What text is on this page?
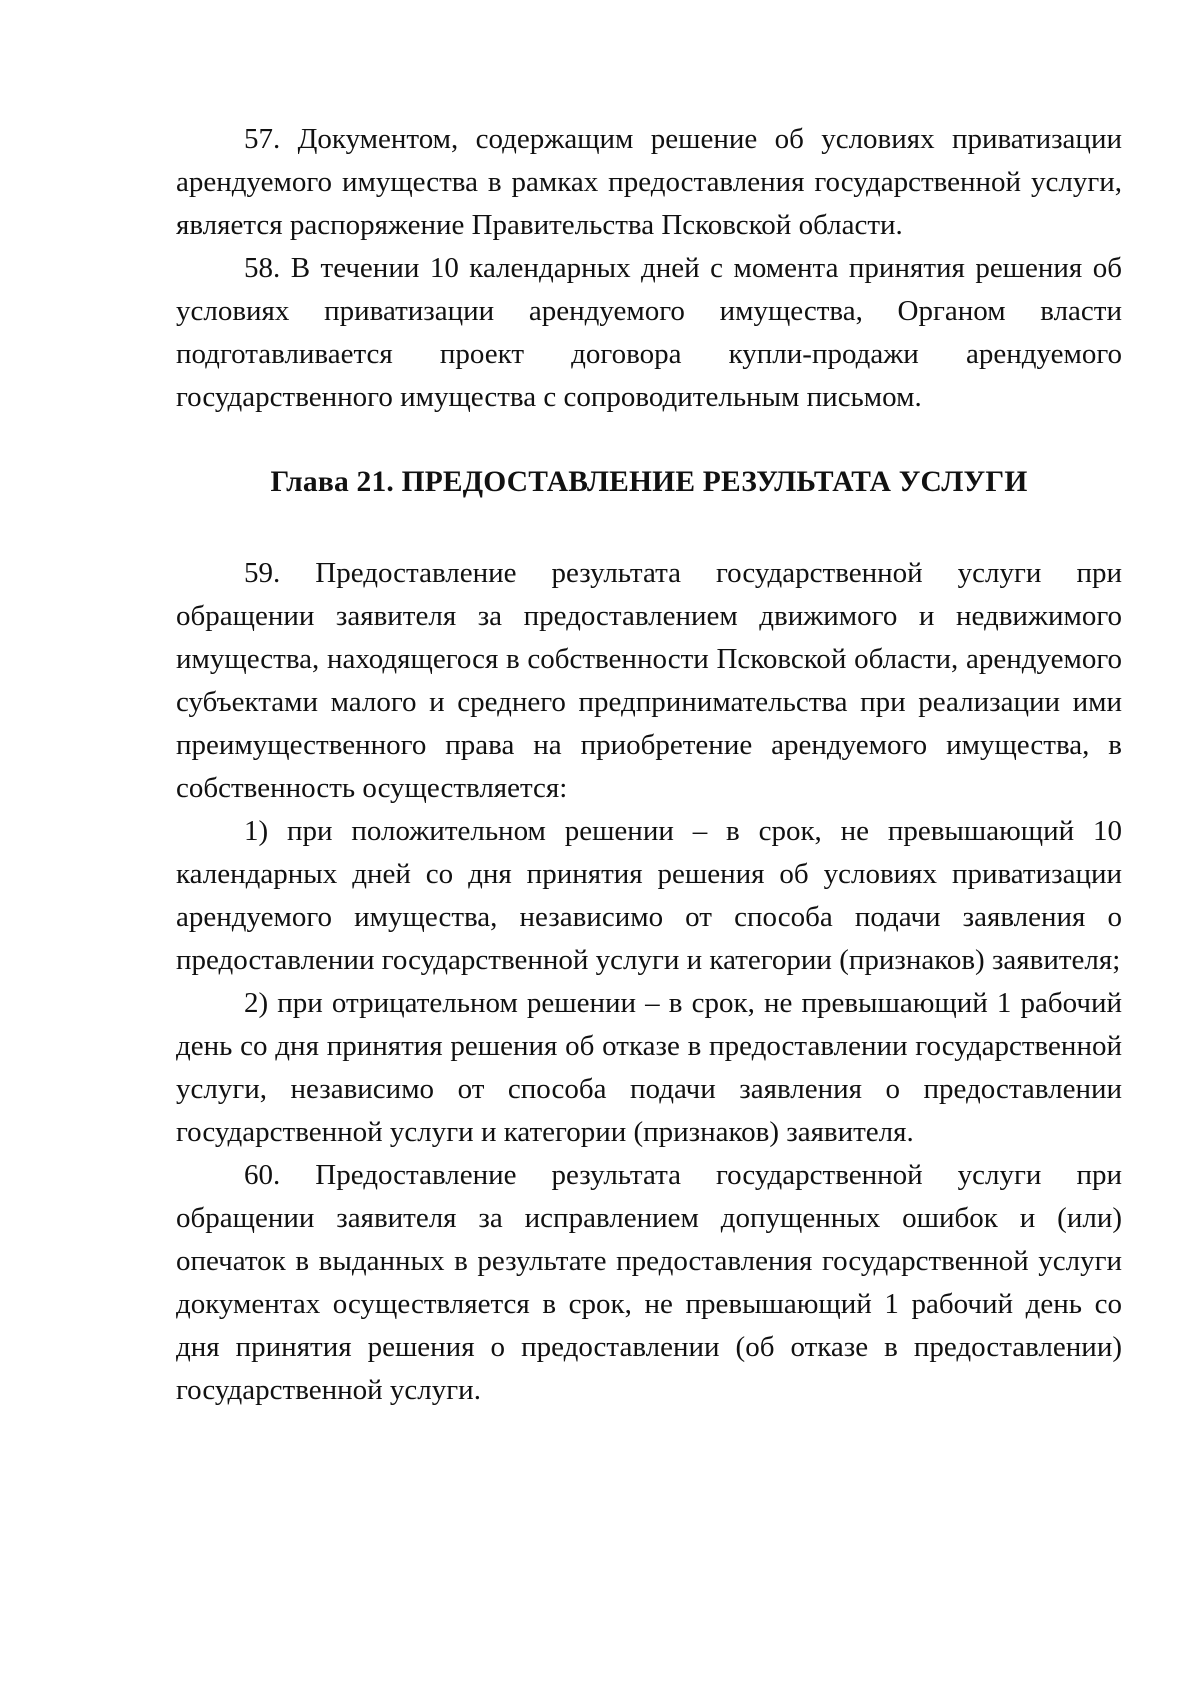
57. Документом, содержащим решение об условиях приватизации арендуемого имущества в рамках предоставления государственной услуги, является распоряжение Правительства Псковской области.

58. В течении 10 календарных дней с момента принятия решения об условиях приватизации арендуемого имущества, Органом власти подготавливается проект договора купли-продажи арендуемого государственного имущества с сопроводительным письмом.

Глава 21. ПРЕДОСТАВЛЕНИЕ РЕЗУЛЬТАТА УСЛУГИ

59. Предоставление результата государственной услуги при обращении заявителя за предоставлением движимого и недвижимого имущества, находящегося в собственности Псковской области, арендуемого субъектами малого и среднего предпринимательства при реализации ими преимущественного права на приобретение арендуемого имущества, в собственность осуществляется:

1) при положительном решении – в срок, не превышающий 10 календарных дней со дня принятия решения об условиях приватизации арендуемого имущества, независимо от способа подачи заявления о предоставлении государственной услуги и категории (признаков) заявителя;

2) при отрицательном решении – в срок, не превышающий 1 рабочий день со дня принятия решения об отказе в предоставлении государственной услуги, независимо от способа подачи заявления о предоставлении государственной услуги и категории (признаков) заявителя.

60. Предоставление результата государственной услуги при обращении заявителя за исправлением допущенных ошибок и (или) опечаток в выданных в результате предоставления государственной услуги документах осуществляется в срок, не превышающий 1 рабочий день со дня принятия решения о предоставлении (об отказе в предоставлении) государственной услуги.
